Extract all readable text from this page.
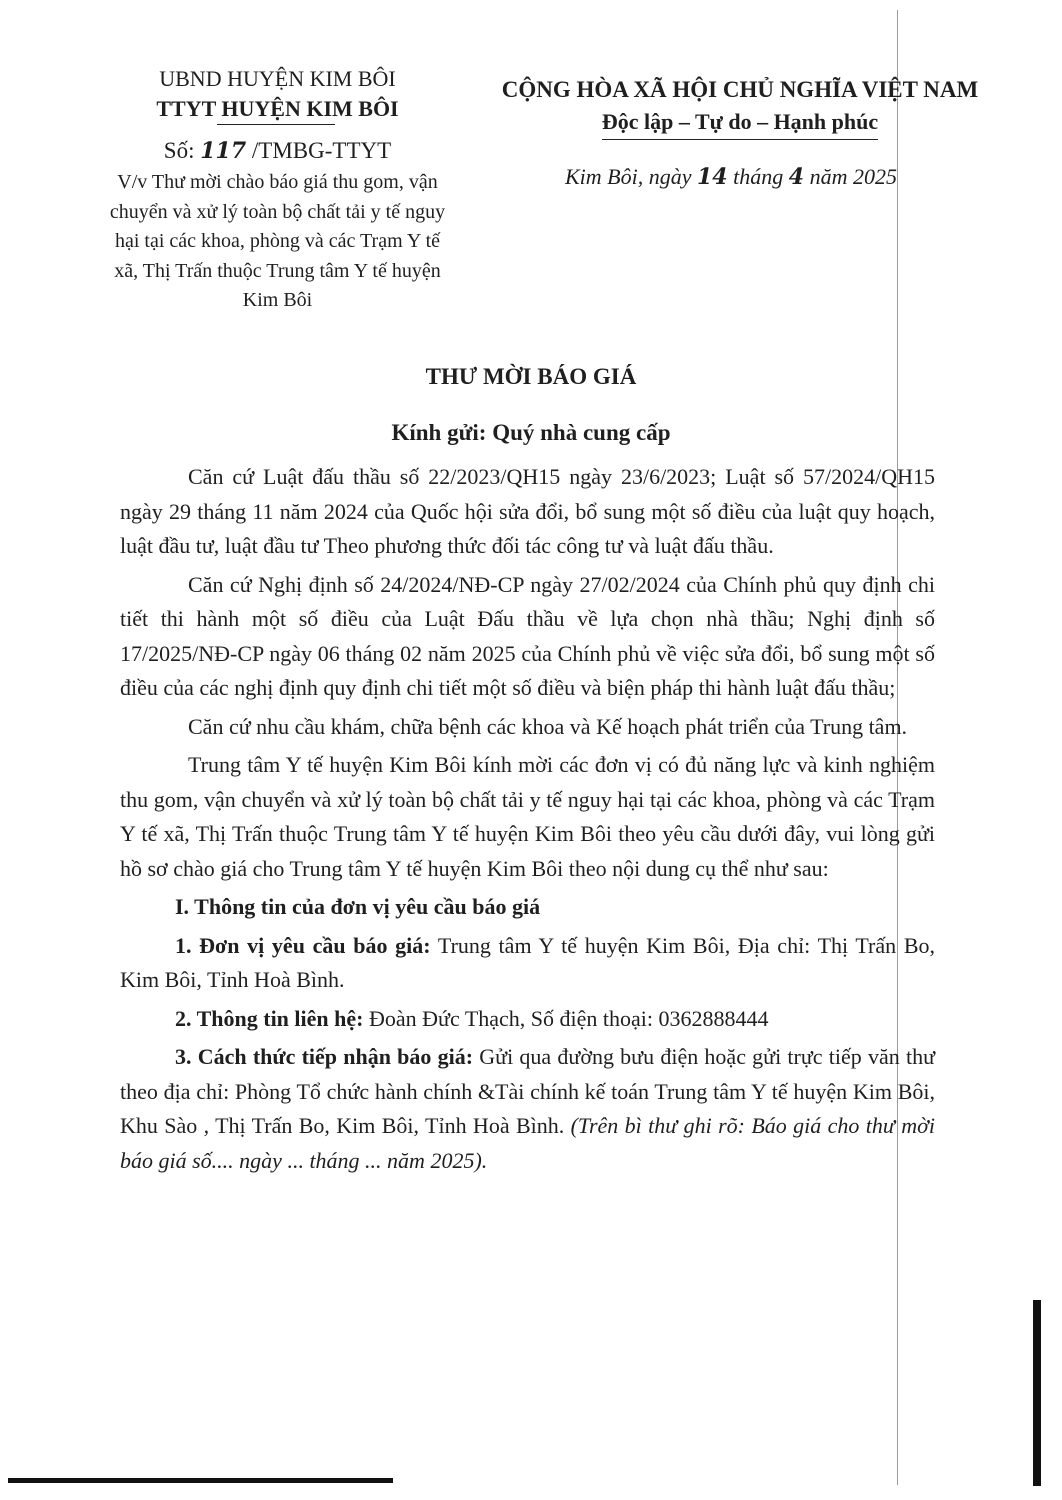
UBND HUYỆN KIM BÔI
TTYT HUYỆN KIM BÔI
Số: 117 /TMBG-TTYT
V/v Thư mời chào báo giá thu gom, vận chuyển và xử lý toàn bộ chất tải y tế nguy hại tại các khoa, phòng và các Trạm Y tế xã, Thị Trấn thuộc Trung tâm Y tế huyện Kim Bôi
CỘNG HÒA XÃ HỘI CHỦ NGHĨA VIỆT NAM
Độc lập – Tự do – Hạnh phúc
Kim Bôi, ngày 14 tháng 4 năm 2025
THƯ MỜI BÁO GIÁ
Kính gửi: Quý nhà cung cấp

Căn cứ Luật đấu thầu số 22/2023/QH15 ngày 23/6/2023; Luật số 57/2024/QH15 ngày 29 tháng 11 năm 2024 của Quốc hội sửa đổi, bổ sung một số điều của luật quy hoạch, luật đầu tư, luật đầu tư Theo phương thức đối tác công tư và luật đấu thầu.

Căn cứ Nghị định số 24/2024/NĐ-CP ngày 27/02/2024 của Chính phủ quy định chi tiết thi hành một số điều của Luật Đấu thầu về lựa chọn nhà thầu; Nghị định số 17/2025/NĐ-CP ngày 06 tháng 02 năm 2025 của Chính phủ về việc sửa đổi, bổ sung một số điều của các nghị định quy định chi tiết một số điều và biện pháp thi hành luật đấu thầu;

Căn cứ nhu cầu khám, chữa bệnh các khoa và Kế hoạch phát triển của Trung tâm.

Trung tâm Y tế huyện Kim Bôi kính mời các đơn vị có đủ năng lực và kinh nghiệm thu gom, vận chuyển và xử lý toàn bộ chất tải y tế nguy hại tại các khoa, phòng và các Trạm Y tế xã, Thị Trấn thuộc Trung tâm Y tế huyện Kim Bôi theo yêu cầu dưới đây, vui lòng gửi hồ sơ chào giá cho Trung tâm Y tế huyện Kim Bôi theo nội dung cụ thể như sau:

I. Thông tin của đơn vị yêu cầu báo giá

1. Đơn vị yêu cầu báo giá: Trung tâm Y tế huyện Kim Bôi, Địa chỉ: Thị Trấn Bo, Kim Bôi, Tỉnh Hoà Bình.

2. Thông tin liên hệ: Đoàn Đức Thạch, Số điện thoại: 0362888444

3. Cách thức tiếp nhận báo giá: Gửi qua đường bưu điện hoặc gửi trực tiếp văn thư theo địa chỉ: Phòng Tổ chức hành chính &Tài chính kế toán Trung tâm Y tế huyện Kim Bôi, Khu Sào , Thị Trấn Bo, Kim Bôi, Tỉnh Hoà Bình. (Trên bì thư ghi rõ: Báo giá cho thư mời báo giá số.... ngày ... tháng ... năm 2025).
